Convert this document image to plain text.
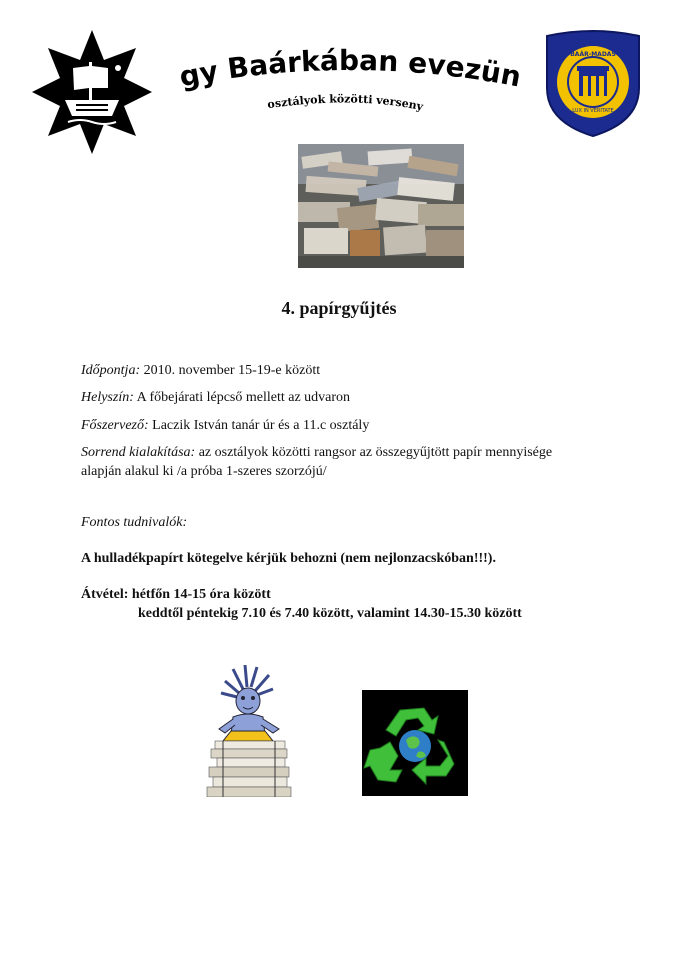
gy Baárkában evezün
osztályok közötti verseny
BAÁR-MADAS
LUX IN VERITATE
4. papírgyűjtés
Időpontja: 2010. november 15-19-e között
Helyszín: A főbejárati lépcső mellett az udvaron
Főszervező: Laczik István tanár úr és a 11.c osztály
Sorrend kialakítása: az osztályok közötti rangsor az összegyűjtött papír mennyisége
alapján alakul ki /a próba 1-szeres szorzójú/
Fontos tudnivalók:
A hulladékpapírt kötegelve kérjük behozni (nem nejlonzacskóban!!!).
Átvétel: hétfőn 14-15 óra között
keddtől péntekig 7.10 és 7.40 között, valamint 14.30-15.30 között
